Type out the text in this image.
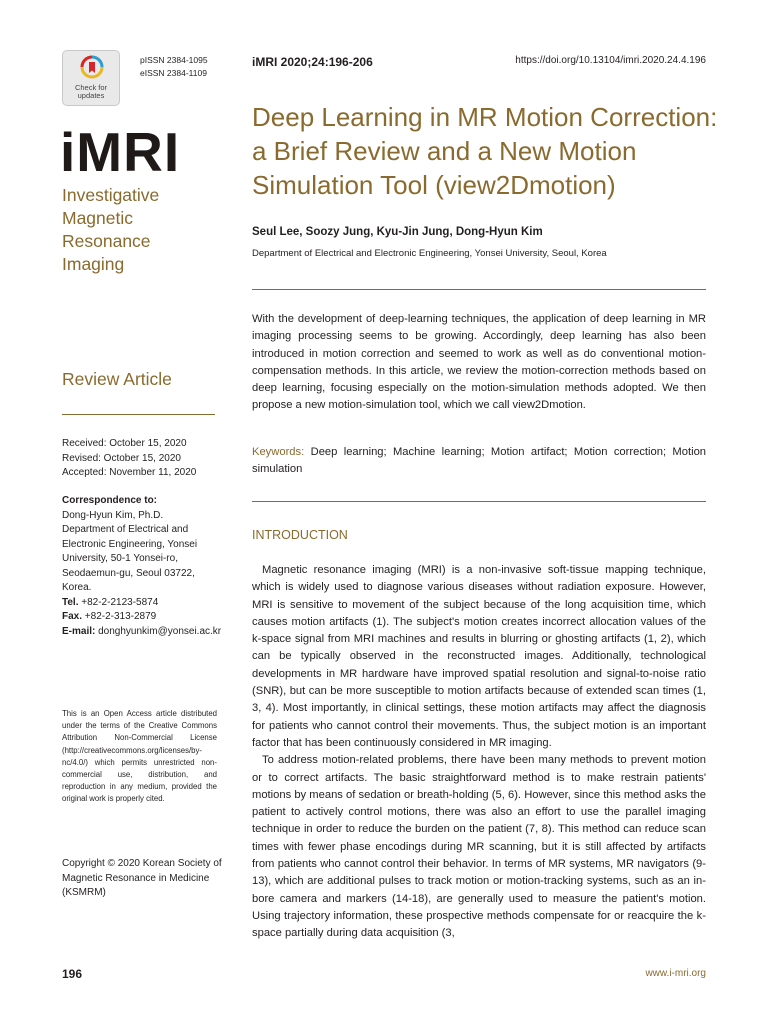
Check for updates
pISSN 2384-1095
eISSN 2384-1109
iMRI
Investigative
Magnetic
Resonance
Imaging
Review Article
Received: October 15, 2020
Revised: October 15, 2020
Accepted: November 11, 2020
Correspondence to:
Dong-Hyun Kim, Ph.D.
Department of Electrical and
Electronic Engineering, Yonsei
University, 50-1 Yonsei-ro,
Seodaemun-gu, Seoul 03722,
Korea.
Tel. +82-2-2123-5874
Fax. +82-2-313-2879
E-mail: donghyunkim@yonsei.ac.kr
This is an Open Access article distributed under the terms of the Creative Commons Attribution Non-Commercial License (http://creativecommons.org/licenses/by-nc/4.0/) which permits unrestricted non-commercial use, distribution, and reproduction in any medium, provided the original work is properly cited.
Copyright © 2020 Korean Society of Magnetic Resonance in Medicine (KSMRM)
iMRI 2020;24:196-206	https://doi.org/10.13104/imri.2020.24.4.196
Deep Learning in MR Motion Correction: a Brief Review and a New Motion Simulation Tool (view2Dmotion)
Seul Lee, Soozy Jung, Kyu-Jin Jung, Dong-Hyun Kim
Department of Electrical and Electronic Engineering, Yonsei University, Seoul, Korea
With the development of deep-learning techniques, the application of deep learning in MR imaging processing seems to be growing. Accordingly, deep learning has also been introduced in motion correction and seemed to work as well as do conventional motion-compensation methods. In this article, we review the motion-correction methods based on deep learning, focusing especially on the motion-simulation methods adopted. We then propose a new motion-simulation tool, which we call view2Dmotion.
Keywords: Deep learning; Machine learning; Motion artifact; Motion correction; Motion simulation
INTRODUCTION

Magnetic resonance imaging (MRI) is a non-invasive soft-tissue mapping technique, which is widely used to diagnose various diseases without radiation exposure. However, MRI is sensitive to movement of the subject because of the long acquisition time, which causes motion artifacts (1). The subject's motion creates incorrect allocation values of the k-space signal from MRI machines and results in blurring or ghosting artifacts (1, 2), which can be typically observed in the reconstructed images. Additionally, technological developments in MR hardware have improved spatial resolution and signal-to-noise ratio (SNR), but can be more susceptible to motion artifacts because of extended scan times (1, 3, 4). Most importantly, in clinical settings, these motion artifacts may affect the diagnosis for patients who cannot control their movements. Thus, the subject motion is an important factor that has been continuously considered in MR imaging.

To address motion-related problems, there have been many methods to prevent motion or to correct artifacts. The basic straightforward method is to make restrain patients' motions by means of sedation or breath-holding (5, 6). However, since this method asks the patient to actively control motions, there was also an effort to use the parallel imaging technique in order to reduce the burden on the patient (7, 8). This method can reduce scan times with fewer phase encodings during MR scanning, but it is still affected by artifacts from patients who cannot control their behavior. In terms of MR systems, MR navigators (9-13), which are additional pulses to track motion or motion-tracking systems, such as an in-bore camera and markers (14-18), are generally used to measure the patient's motion. Using trajectory information, these prospective methods compensate for or reacquire the k-space partially during data acquisition (3,

196	www.i-mri.org
